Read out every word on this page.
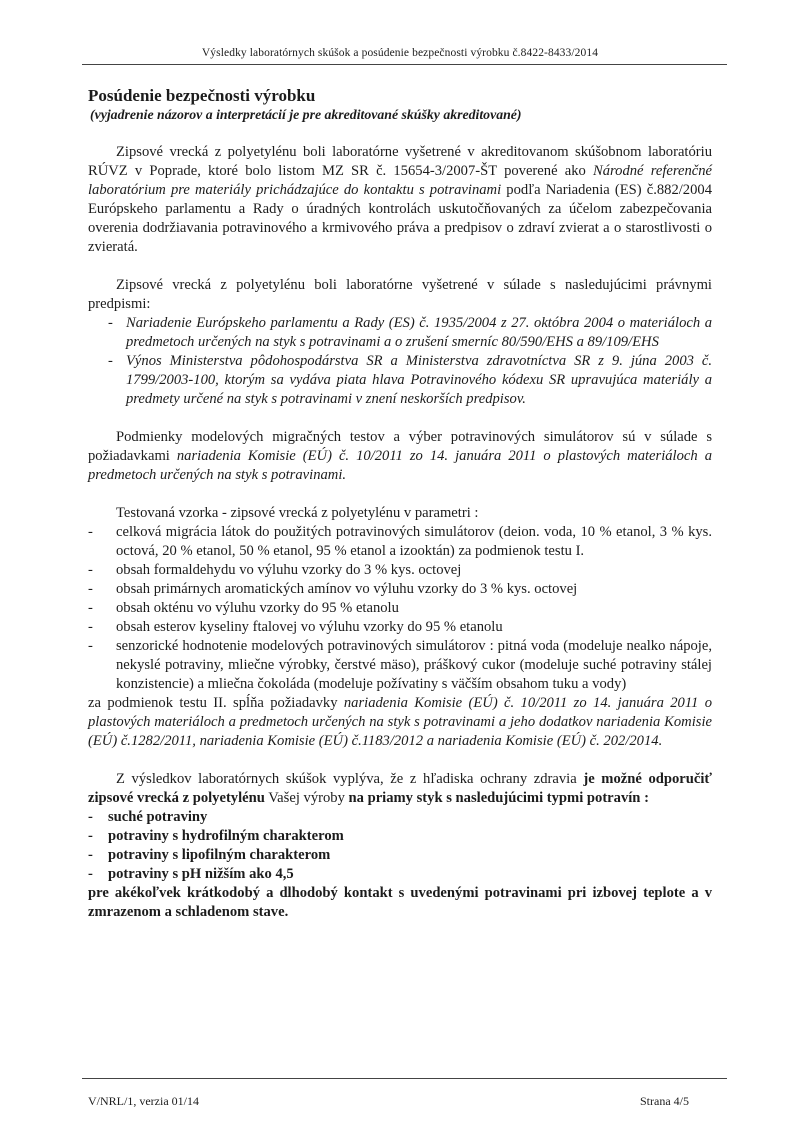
Výsledky laboratórnych skúšok a posúdenie bezpečnosti výrobku č.8422-8433/2014
Posúdenie bezpečnosti výrobku
(vyjadrenie názorov a interpretácií je pre akreditované skúšky akreditované)

Zipsové vrecká z polyetylénu boli laboratórne vyšetrené v akreditovanom skúšobnom laboratóriu RÚVZ v Poprade, ktoré bolo listom MZ SR č. 15654-3/2007-ŠT poverené ako Národné referenčné laboratórium pre materiály prichádzajúce do kontaktu s potravinami podľa Nariadenia (ES) č.882/2004 Európskeho parlamentu a Rady o úradných kontrolách uskutočňovaných za účelom zabezpečovania overenia dodržiavania potravinového a krmivového práva a predpisov o zdraví zvierat a o starostlivosti o zvieratá.

Zipsové vrecká z polyetylénu boli laboratórne vyšetrené v súlade s nasledujúcimi právnymi predpismi:

- Nariadenie Európskeho parlamentu a Rady (ES) č. 1935/2004 z 27. októbra 2004 o materiáloch a predmetoch určených na styk s potravinami a o zrušení smerníc 80/590/EHS a 89/109/EHS
- Výnos Ministerstva pôdohospodárstva SR a Ministerstva zdravotníctva SR z 9. júna 2003 č. 1799/2003-100, ktorým sa vydáva piata hlava Potravinového kódexu SR upravujúca materiály a predmety určené na styk s potravinami v znení neskorších predpisov.

Podmienky modelových migračných testov a výber potravinových simulátorov sú v súlade s požiadavkami nariadenia Komisie (EÚ) č. 10/2011 zo 14. januára 2011 o plastových materiáloch a predmetoch určených na styk s potravinami.

Testovaná vzorka - zipsové vrecká z polyetylénu v parametri :

- celková migrácia látok do použitých potravinových simulátorov (deion. voda, 10 % etanol, 3 % kys. octová, 20 % etanol, 50 % etanol, 95 % etanol a izooktán) za podmienok testu I.
- obsah formaldehydu vo výluhu vzorky do 3 % kys. octovej
- obsah primárnych aromatických amínov vo výluhu vzorky do 3 % kys. octovej
- obsah okténu vo výluhu vzorky do 95 % etanolu
- obsah esterov kyseliny ftalovej vo výluhu vzorky do 95 % etanolu
- senzorické hodnotenie modelových potravinových simulátorov : pitná voda (modeluje nealko nápoje, nekyslé potraviny, mliečne výrobky, čerstvé mäso), práškový cukor (modeluje suché potraviny stálej konzistencie) a mliečna čokoláda (modeluje požívatiny s väčším obsahom tuku a vody)

za podmienok testu II. spĺňa požiadavky nariadenia Komisie (EÚ) č. 10/2011 zo 14. januára 2011 o plastových materiáloch a predmetoch určených na styk s potravinami a jeho dodatkov nariadenia Komisie (EÚ) č.1282/2011, nariadenia Komisie (EÚ) č.1183/2012 a nariadenia Komisie (EÚ) č. 202/2014.

Z výsledkov laboratórnych skúšok vyplýva, že z hľadiska ochrany zdravia je možné odporučiť zipsové vrecká z polyetylénu Vašej výroby na priamy styk s nasledujúcimi typmi potravín :

- suché potraviny
- potraviny s hydrofilným charakterom
- potraviny s lipofilným charakterom
- potraviny s pH nižším ako 4,5

pre akékoľvek krátkodobý a dlhodobý kontakt s uvedenými potravinami pri izbovej teplote a v zmrazenom a schladenom stave.

V/NRL/1, verzia 01/14	Strana 4/5
